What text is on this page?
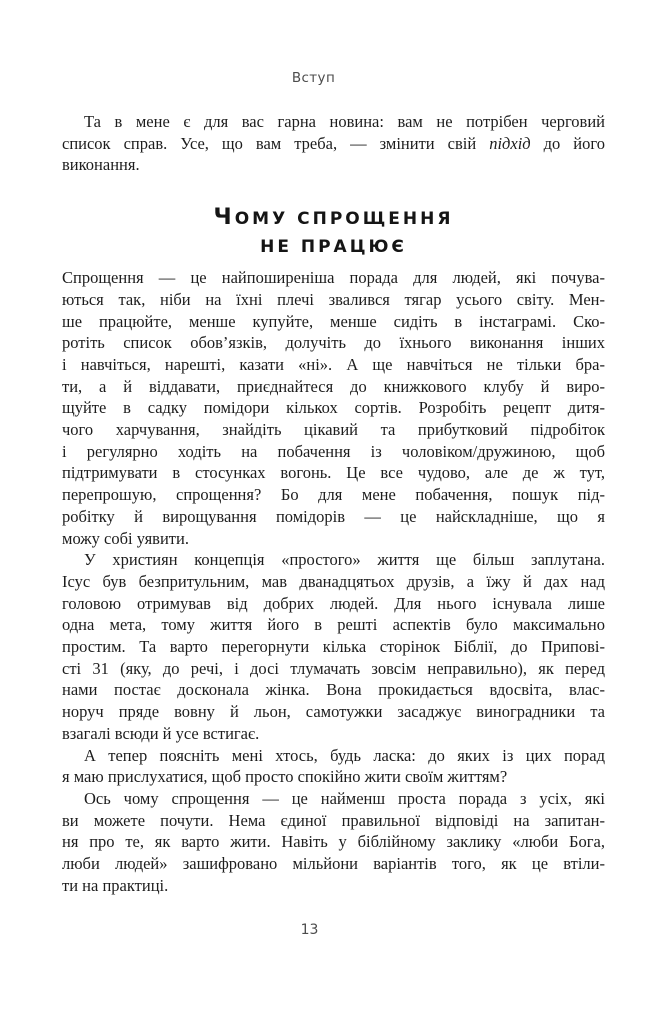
Вступ
Та в мене є для вас гарна новина: вам не потрібен черговий
список справ. Усе, що вам треба, — змінити свій підхід до його
виконання.
ЧОМУ СПРОЩЕННЯ
НЕ ПРАЦЮЄ
Спрощення — це найпоширеніша порада для людей, які почува-
ються так, ніби на їхні плечі звалився тягар усього світу. Мен-
ше працюйте, менше купуйте, менше сидіть в інстаграмі. Ско-
ротіть список обов’язків, долучіть до їхнього виконання інших
і навчіться, нарешті, казати «ні». А ще навчіться не тільки бра-
ти, а й віддавати, приєднайтеся до книжкового клубу й виро-
щуйте в садку помідори кількох сортів. Розробіть рецепт дитя-
чого харчування, знайдіть цікавий та прибутковий підробіток
і регулярно ходіть на побачення із чоловіком/дружиною, щоб
підтримувати в стосунках вогонь. Це все чудово, але де ж тут,
перепрошую, спрощення? Бо для мене побачення, пошук під-
робітку й вирощування помідорів — це найскладніше, що я
можу собі уявити.
У християн концепція «простого» життя ще більш заплутана.
Ісус був безпритульним, мав дванадцятьох друзів, а їжу й дах над
головою отримував від добрих людей. Для нього існувала лише
одна мета, тому життя його в решті аспектів було максимально
простим. Та варто перегорнути кілька сторінок Біблії, до Припові-
сті 31 (яку, до речі, і досі тлумачать зовсім неправильно), як перед
нами постає досконала жінка. Вона прокидається вдосвіта, влас-
норуч пряде вовну й льон, самотужки засаджує виноградники та
взагалі всюди й усе встигає.
А тепер поясніть мені хтось, будь ласка: до яких із цих порад
я маю прислухатися, щоб просто спокійно жити своїм життям?
Ось чому спрощення — це найменш проста порада з усіх, які
ви можете почути. Нема єдиної правильної відповіді на запитан-
ня про те, як варто жити. Навіть у біблійному заклику «люби Бога,
люби людей» зашифровано мільйони варіантів того, як це втіли-
ти на практиці.
13
